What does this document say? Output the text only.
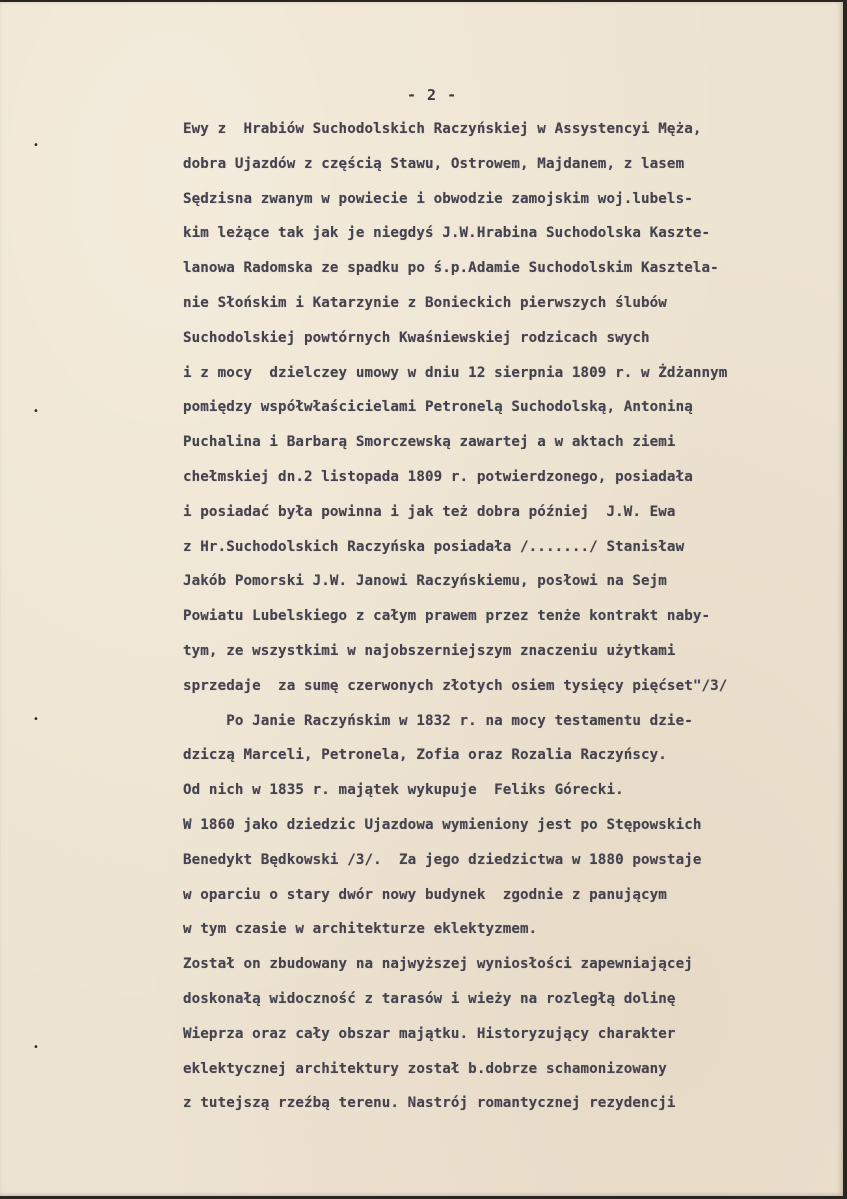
•
•
•
•
- 2 -
Ewy z  Hrabiów Suchodolskich Raczyńskiej w Assystencyi Męża,
dobra Ujazdów z częścią Stawu, Ostrowem, Majdanem, z lasem
Sędzisna zwanym w powiecie i obwodzie zamojskim woj.lubels-
kim leżące tak jak je niegdyś J.W.Hrabina Suchodolska Kaszte-
lanowa Radomska ze spadku po ś.p.Adamie Suchodolskim Kasztela-
nie Słońskim i Katarzynie z Bonieckich pierwszych ślubów
Suchodolskiej powtórnych Kwaśniewskiej rodzicach swych
i z mocy  dzielczey umowy w dniu 12 sierpnia 1809 r. w Żdżannym
pomiędzy współwłaścicielami Petronelą Suchodolską, Antoniną
Puchalina i Barbarą Smorczewską zawartej a w aktach ziemi
chełmskiej dn.2 listopada 1809 r. potwierdzonego, posiadała
i posiadać była powinna i jak też dobra później  J.W. Ewa
z Hr.Suchodolskich Raczyńska posiadała /......./ Stanisław
Jakób Pomorski J.W. Janowi Raczyńskiemu, posłowi na Sejm
Powiatu Lubelskiego z całym prawem przez tenże kontrakt naby-
tym, ze wszystkimi w najobszerniejszym znaczeniu użytkami
sprzedaje  za sumę czerwonych złotych osiem tysięcy pięćset"/3/
Po Janie Raczyńskim w 1832 r. na mocy testamentu dzie-
dziczą Marceli, Petronela, Zofia oraz Rozalia Raczyńscy.
Od nich w 1835 r. majątek wykupuje  Feliks Górecki.
W 1860 jako dziedzic Ujazdowa wymieniony jest po Stępowskich
Benedykt Będkowski /3/.  Za jego dziedzictwa w 1880 powstaje
w oparciu o stary dwór nowy budynek  zgodnie z panującym
w tym czasie w architekturze eklektyzmem.
Został on zbudowany na najwyższej wyniosłości zapewniającej
doskonałą widoczność z tarasów i wieży na rozległą dolinę
Wieprza oraz cały obszar majątku. Historyzujący charakter
eklektycznej architektury został b.dobrze schamonizowany
z tutejszą rzeźbą terenu. Nastrój romantycznej rezydencji
